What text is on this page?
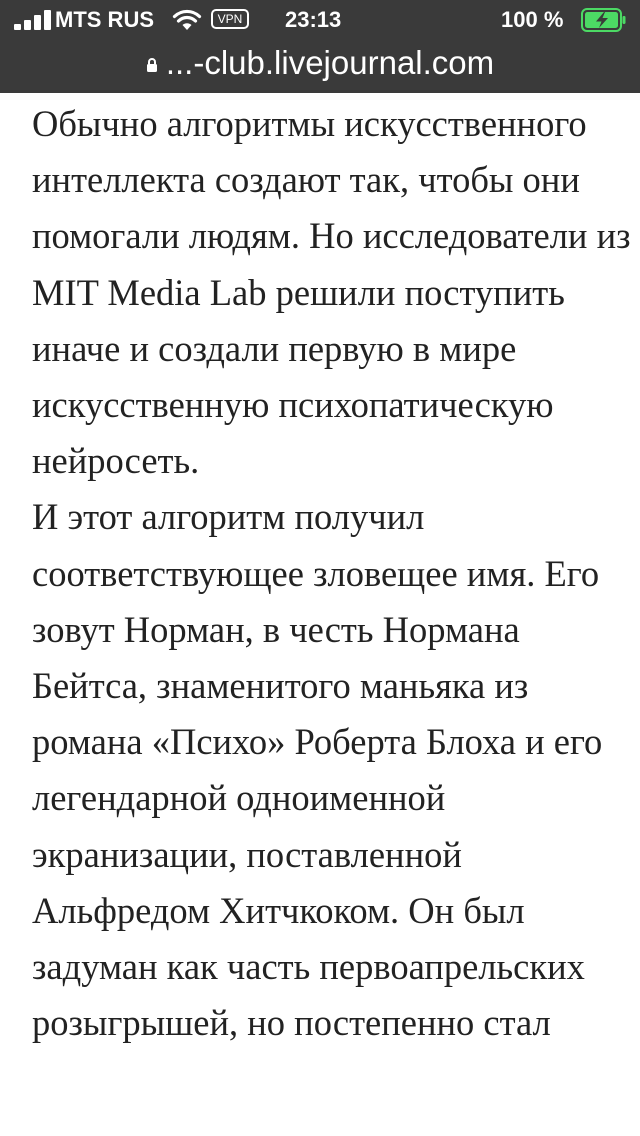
MTS RUS	VPN	23:13	100 %
...-club.livejournal.com

Обычно алгоритмы искусственного интеллекта создают так, чтобы они помогали людям. Но исследователи из MIT Media Lab решили поступить иначе и создали первую в мире искусственную психопатическую нейросеть.

И этот алгоритм получил соответствующее зловещее имя. Его зовут Норман, в честь Нормана Бейтса, знаменитого маньяка из романа «Психо» Роберта Блоха и его легендарной одноименной экранизации, поставленной Альфредом Хитчкоком. Он был задуман как часть первоапрельских розыгрышей, но постепенно стал
